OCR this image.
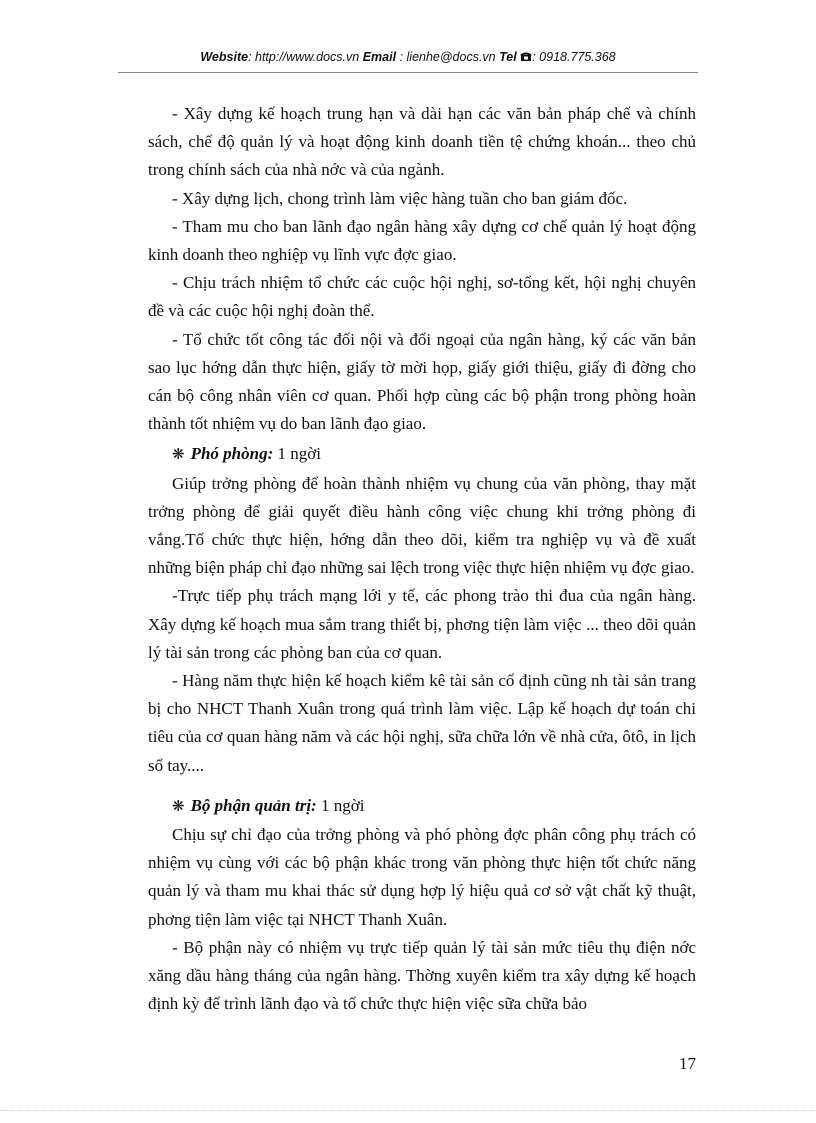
Website: http://www.docs.vn Email : lienhe@docs.vn Tel : 0918.775.368

- Xây dựng kế hoạch trung hạn và dài hạn các văn bản pháp chế và chính sách, chế độ quản lý và hoạt động kinh doanh tiền tệ chứng khoán... theo chủ trong chính sách của nhà nớc và của ngành.

- Xây dựng lịch, chong trình làm việc hàng tuần cho ban giám đốc.

- Tham mu cho ban lãnh đạo ngân hàng xây dựng cơ chế quản lý hoạt động kinh doanh theo nghiệp vụ lĩnh vực đợc giao.

- Chịu trách nhiệm tổ chức các cuộc hội nghị, sơ-tổng kết, hội nghị chuyên đề và các cuộc hội nghị đoàn thể.

- Tổ chức tốt công tác đối nội và đối ngoại của ngân hàng, ký các văn bản sao lục hớng dẫn thực hiện, giấy tờ mời họp, giấy giới thiệu, giấy đi đờng cho cán bộ công nhân viên cơ quan. Phối hợp cùng các bộ phận trong phòng hoàn thành tốt nhiệm vụ do ban lãnh đạo giao.

❋ Phó phòng: 1 ngời

Giúp trởng phòng để hoàn thành nhiệm vụ chung của văn phòng, thay mặt trởng phòng để giải quyết điều hành công việc chung khi trởng phòng đi vắng.Tổ chức thực hiện, hớng dẫn theo dõi, kiểm tra nghiệp vụ và đề xuất những biện pháp chỉ đạo những sai lệch trong việc thực hiện nhiệm vụ đợc giao.

-Trực tiếp phụ trách mạng lới y tế, các phong trào thi đua của ngân hàng. Xây dựng kế hoạch mua sắm trang thiết bị, phơng tiện làm việc ... theo dõi quản lý tài sản trong các phòng ban của cơ quan.

- Hàng năm thực hiện kế hoạch kiểm kê tài sản cố định cũng nh tài sản trang bị cho NHCT Thanh Xuân trong quá trình làm việc. Lập kế hoạch dự toán chi tiêu của cơ quan hàng năm và các hội nghị, sữa chữa lớn về nhà cửa, ôtô, in lịch sổ tay....

❋ Bộ phận quản trị: 1 ngời

Chịu sự chỉ đạo của trởng phòng và phó phòng đợc phân công phụ trách có nhiệm vụ cùng với các bộ phận khác trong văn phòng thực hiện tốt chức năng quản lý và tham mu khai thác sử dụng hợp lý hiệu quả cơ sở vật chất kỹ thuật, phơng tiện làm việc tại NHCT Thanh Xuân.

- Bộ phận này có nhiệm vụ trực tiếp quản lý tài sản mức tiêu thụ điện nớc xăng dầu hàng tháng của ngân hàng. Thờng xuyên kiểm tra xây dựng kế hoạch định kỳ để trình lãnh đạo và tổ chức thực hiện việc sữa chữa bảo

17
